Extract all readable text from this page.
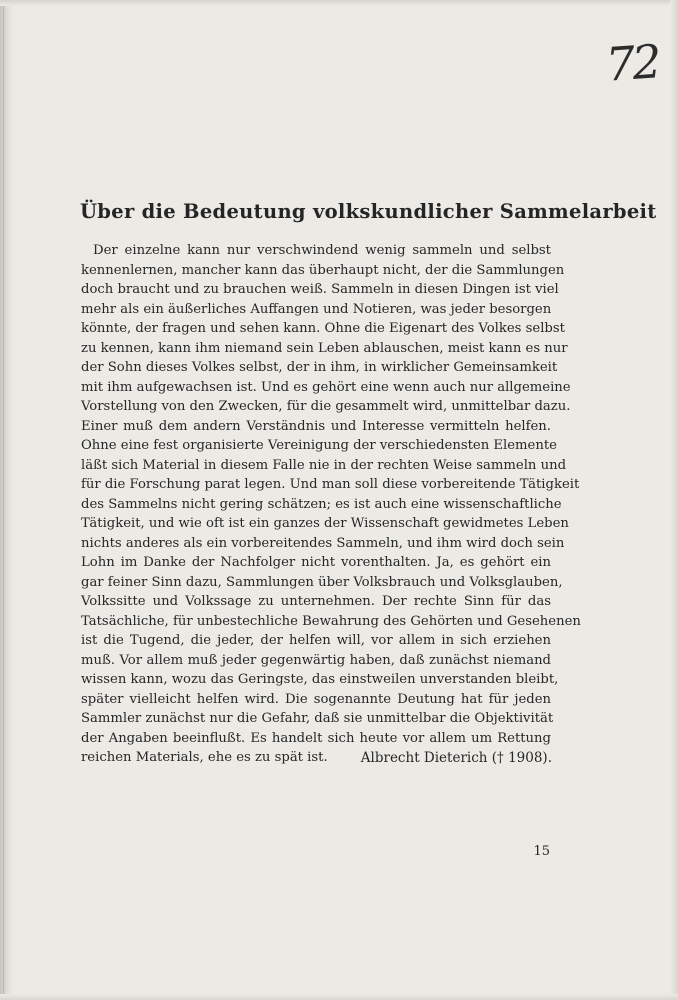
72
Über die Bedeutung volkskundlicher Sammelarbeit

Der einzelne kann nur verschwindend wenig sammeln und selbst
kennenlernen, mancher kann das überhaupt nicht, der die Sammlungen
doch braucht und zu brauchen weiß. Sammeln in diesen Dingen ist viel
mehr als ein äußerliches Auffangen und Notieren, was jeder besorgen
könnte, der fragen und sehen kann. Ohne die Eigenart des Volkes selbst
zu kennen, kann ihm niemand sein Leben ablauschen, meist kann es nur
der Sohn dieses Volkes selbst, der in ihm, in wirklicher Gemeinsamkeit
mit ihm aufgewachsen ist. Und es gehört eine wenn auch nur allgemeine
Vorstellung von den Zwecken, für die gesammelt wird, unmittelbar dazu.
Einer muß dem andern Verständnis und Interesse vermitteln helfen.
Ohne eine fest organisierte Vereinigung der verschiedensten Elemente
läßt sich Material in diesem Falle nie in der rechten Weise sammeln und
für die Forschung parat legen. Und man soll diese vorbereitende Tätigkeit
des Sammelns nicht gering schätzen; es ist auch eine wissenschaftliche
Tätigkeit, und wie oft ist ein ganzes der Wissenschaft gewidmetes Leben
nichts anderes als ein vorbereitendes Sammeln, und ihm wird doch sein
Lohn im Danke der Nachfolger nicht vorenthalten. Ja, es gehört ein
gar feiner Sinn dazu, Sammlungen über Volksbrauch und Volksglauben,
Volkssitte und Volkssage zu unternehmen. Der rechte Sinn für das
Tatsächliche, für unbestechliche Bewahrung des Gehörten und Gesehenen
ist die Tugend, die jeder, der helfen will, vor allem in sich erziehen
muß. Vor allem muß jeder gegenwärtig haben, daß zunächst niemand
wissen kann, wozu das Geringste, das einstweilen unverstanden bleibt,
später vielleicht helfen wird. Die sogenannte Deutung hat für jeden
Sammler zunächst nur die Gefahr, daß sie unmittelbar die Objektivität
der Angaben beeinflußt. Es handelt sich heute vor allem um Rettung
reichen Materials, ehe es zu spät ist.	Albrecht Dieterich († 1908).
15
